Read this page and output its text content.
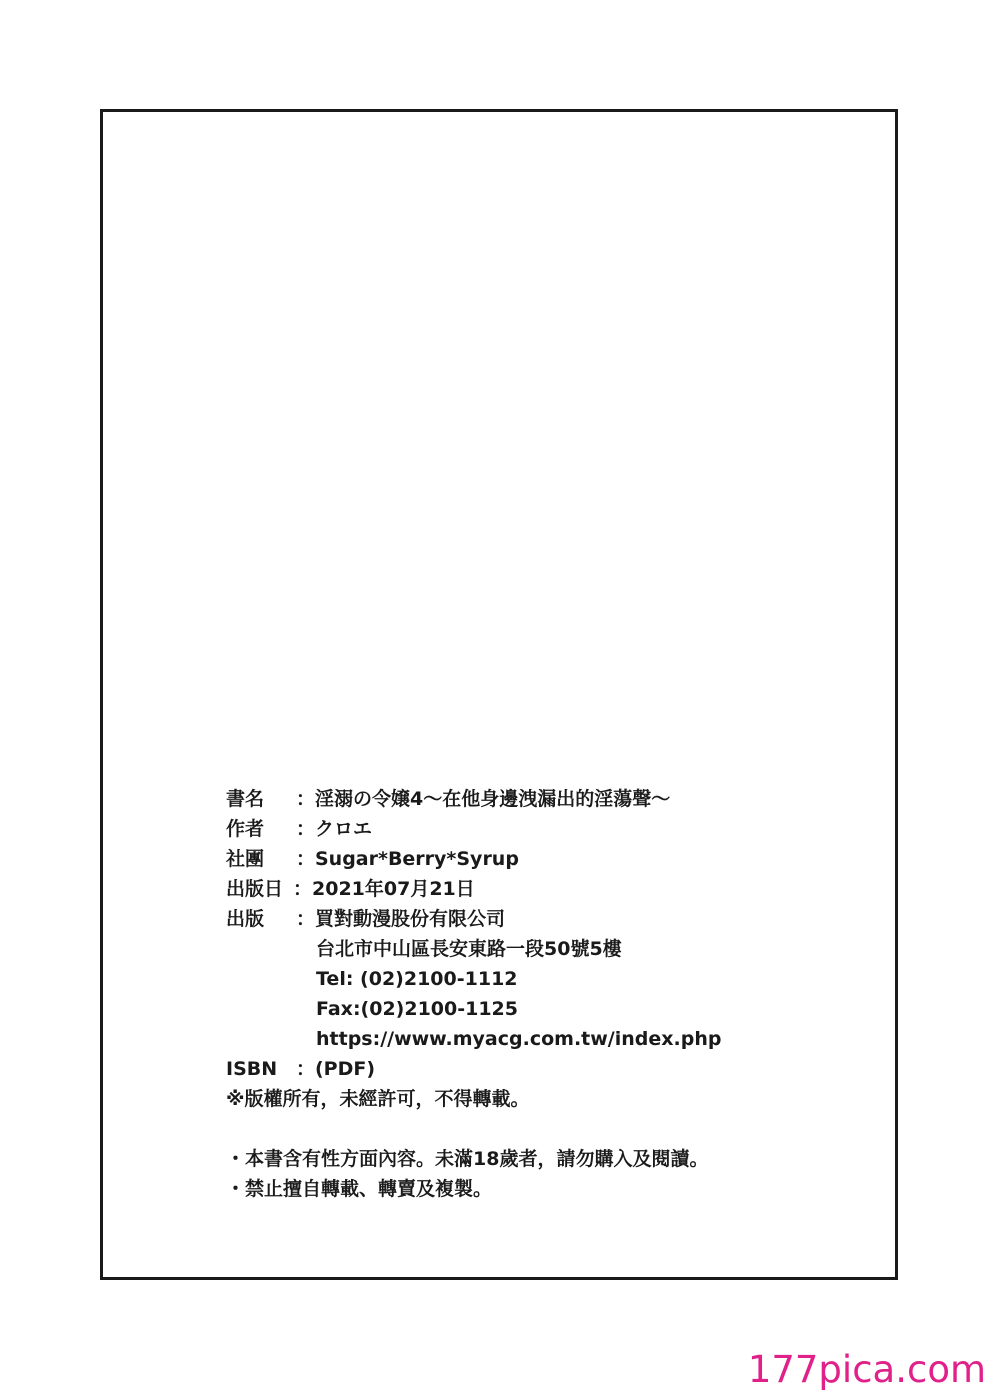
書名 ：淫溺の令嬢4〜在他身邊洩漏出的淫蕩聲〜
作者 ：クロエ
社團 ：Sugar*Berry*Syrup
出版日 ：2021年07月21日
出版 ：買對動漫股份有限公司
台北市中山區長安東路一段50號5樓
Tel: (02)2100-1112
Fax:(02)2100-1125
https://www.myacg.com.tw/index.php
ISBN ：(PDF)
※版權所有，未經許可，不得轉載。
・本書含有性方面內容。未滿18歲者，請勿購入及閱讀。
・禁止擅自轉載、轉賣及複製。
177pica.com
